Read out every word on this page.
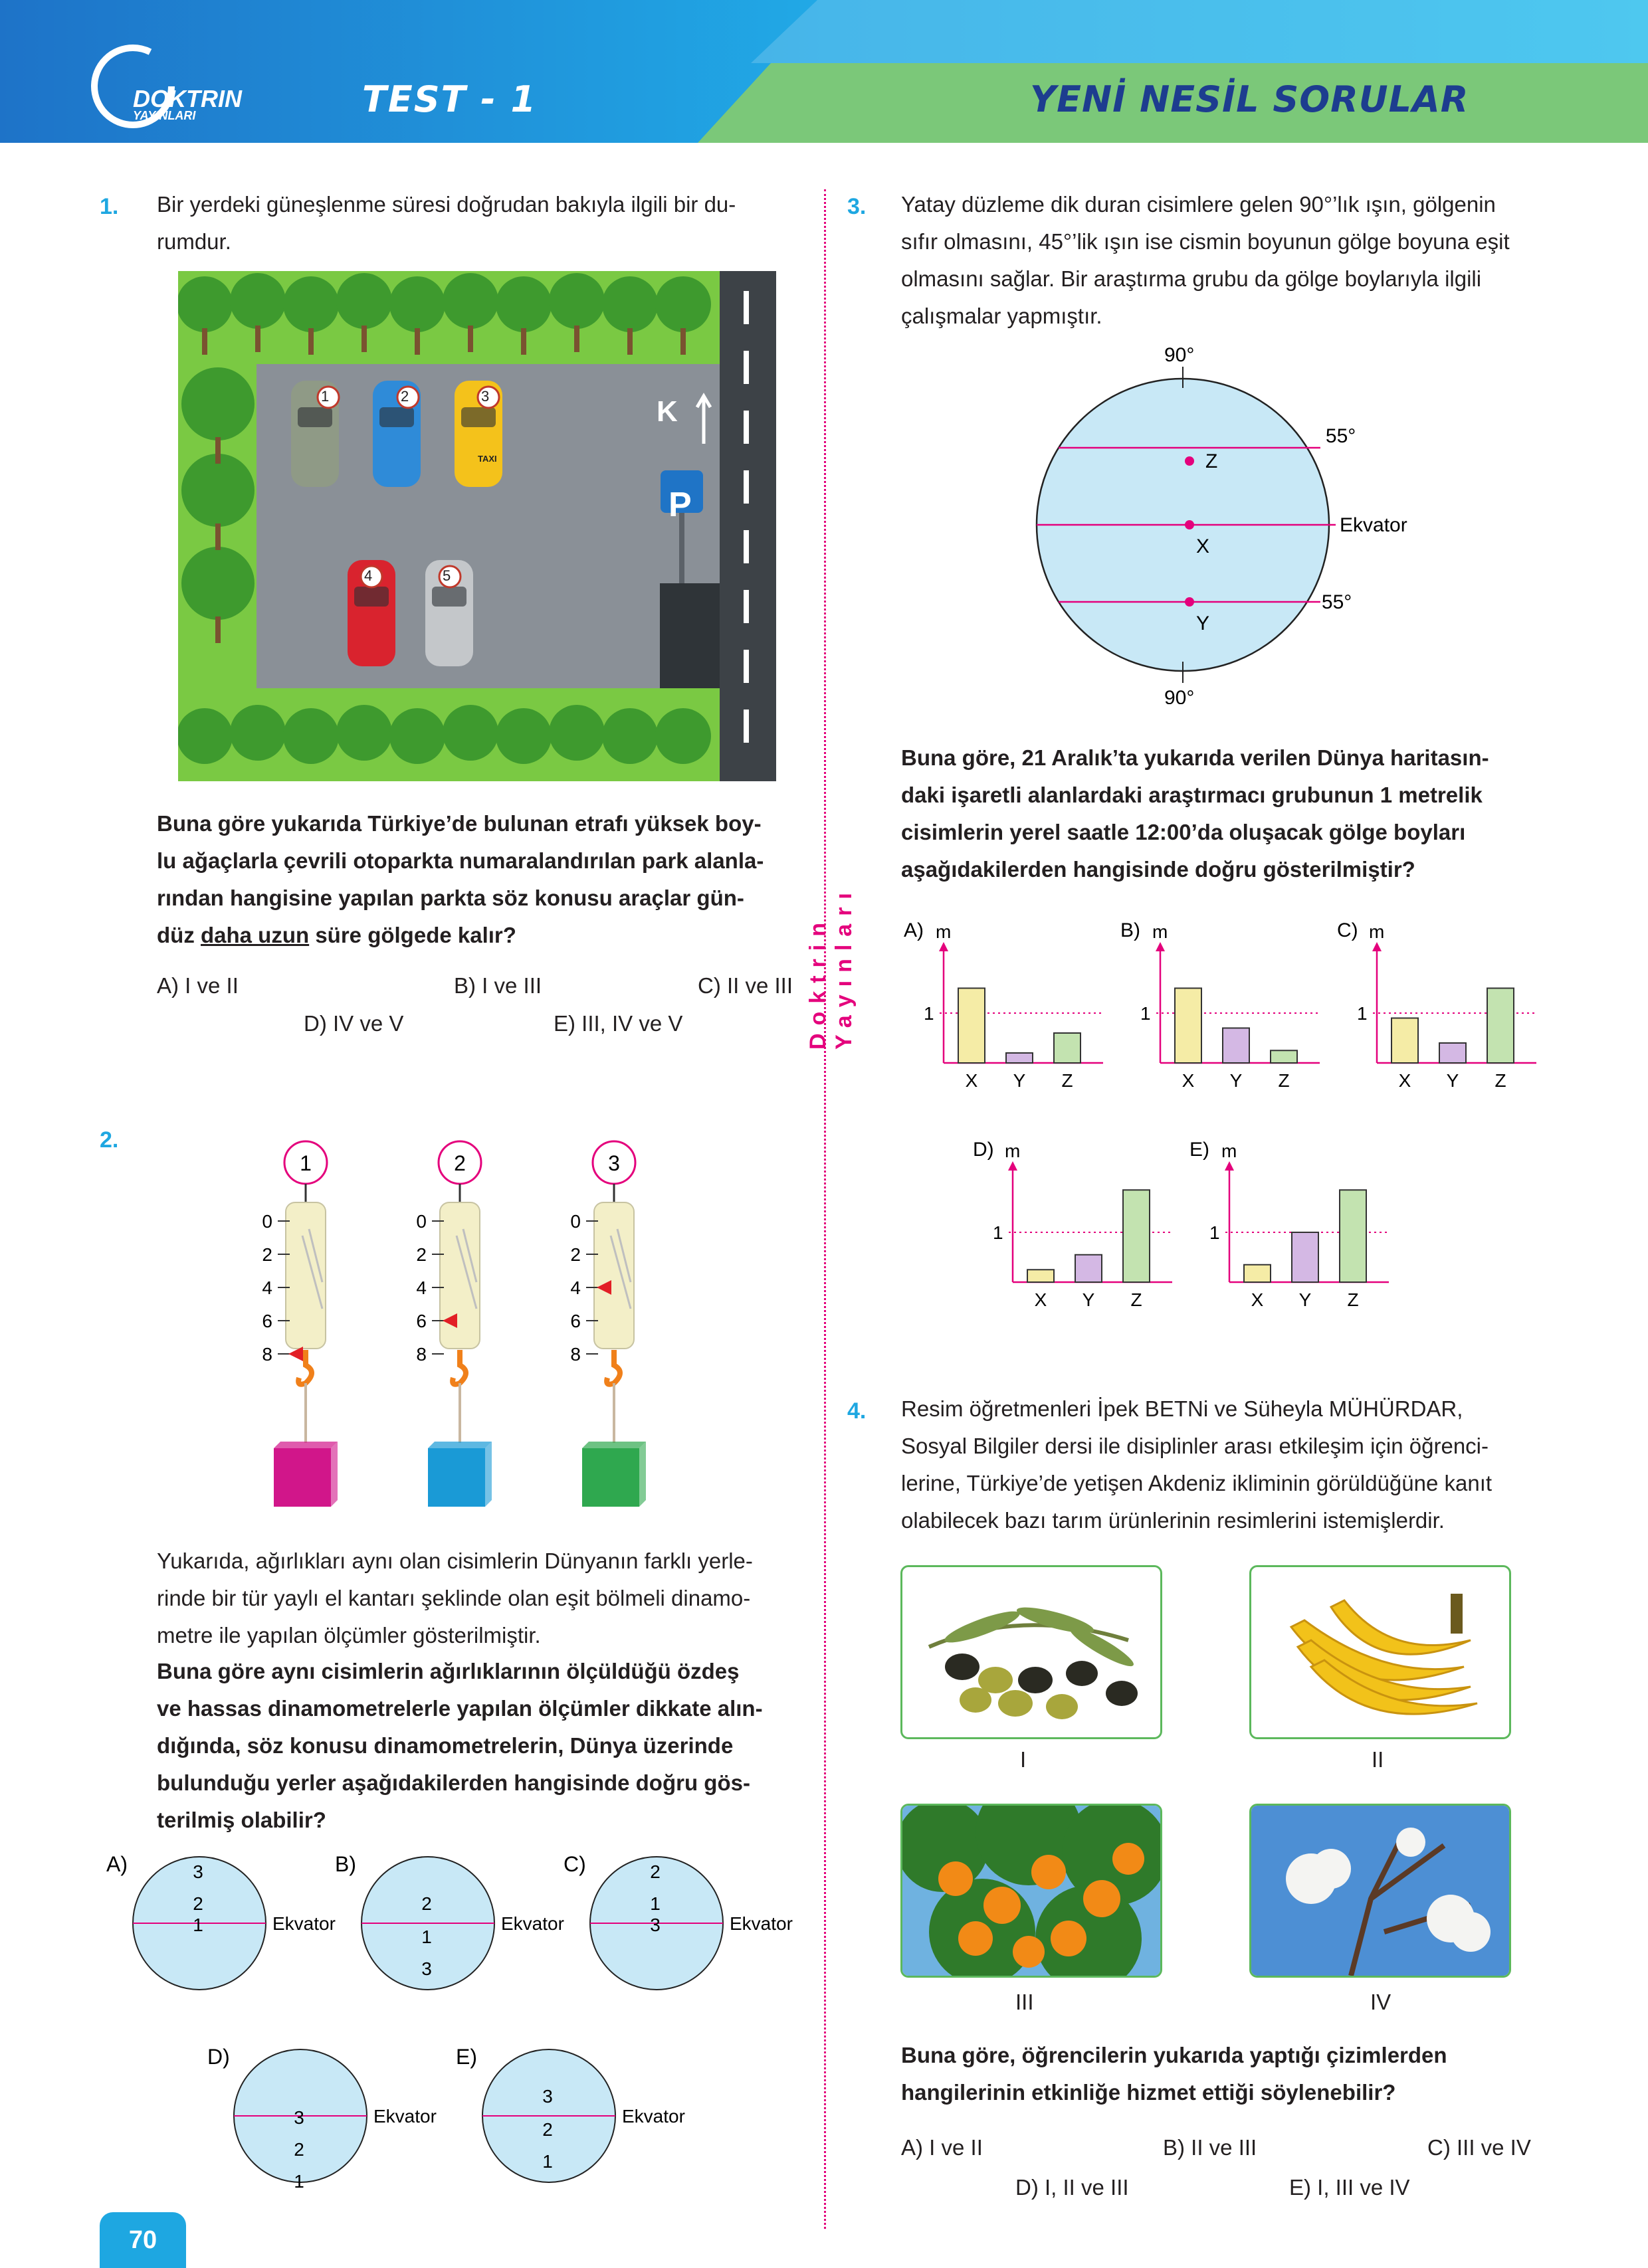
DOKTRIN
YAYINLARI	TEST - 1	YENİ NESİL SORULAR
Doktrin Yayınları
1. Bir yerdeki güneşlenme süresi doğrudan bakıyla ilgili bir du-
rumdur.
1	2	3
4	5
K
P
TAXI
Buna göre yukarıda Türkiye’de bulunan etrafı yüksek boy-
lu ağaçlarla çevrili otoparkta numaralandırılan park alanla-
rından hangisine yapılan parkta söz konusu araçlar gün-
düz daha uzun süre gölgede kalır?
A) I ve II	B) I ve III	C) II ve III
D) IV ve V	E) III, IV ve V
2.
1
0
2
4
6
8
2
0
2
4
6
8
3
0
2
4
6
8
Yukarıda, ağırlıkları aynı olan cisimlerin Dünyanın farklı yerle-
rinde bir tür yaylı el kantarı şeklinde olan eşit bölmeli dinamo-
metre ile yapılan ölçümler gösterilmiştir.
Buna göre aynı cisimlerin ağırlıklarının ölçüldüğü özdeş
ve hassas dinamometrelerle yapılan ölçümler dikkate alın-
dığında, söz konusu dinamometrelerin, Dünya üzerinde
bulunduğu yerler aşağıdakilerden hangisinde doğru gös-
terilmiş olabilir?
A)
Ekvator
3
2
1
B)
Ekvator
2
1
3
C)
Ekvator
2
1
3
D)
Ekvator
3
2
1
E)
Ekvator
3
2
1
3. Yatay düzleme dik duran cisimlere gelen 90°’lık ışın, gölgenin
sıfır olmasını, 45°’lik ışın ise cismin boyunun gölge boyuna eşit
olmasını sağlar. Bir araştırma grubu da gölge boylarıyla ilgili
çalışmalar yapmıştır.
90°
90°
55°
Ekvator
55°
Z
X
Y
Buna göre, 21 Aralık’ta yukarıda verilen Dünya haritasın-
daki işaretli alanlardaki araştırmacı grubunun 1 metrelik
cisimlerin yerel saatle 12:00’da oluşacak gölge boyları
aşağıdakilerden hangisinde doğru gösterilmiştir?
A) m
1
X Y Z
B) m
1
X Y Z
C) m
1
X Y Z
D) m
1
X Y Z
E) m
1
X Y Z
4. Resim öğretmenleri İpek BETNi ve Süheyla MÜHÜRDAR,
Sosyal Bilgiler dersi ile disiplinler arası etkileşim için öğrenci-
lerine, Türkiye’de yetişen Akdeniz ikliminin görüldüğüne kanıt
olabilecek bazı tarım ürünlerinin resimlerini istemişlerdir.
I	II
III	IV
Buna göre, öğrencilerin yukarıda yaptığı çizimlerden
hangilerinin etkinliğe hizmet ettiği söylenebilir?
A) I ve II	B) II ve III	C) III ve IV
D) I, II ve III	E) I, III ve IV
70
